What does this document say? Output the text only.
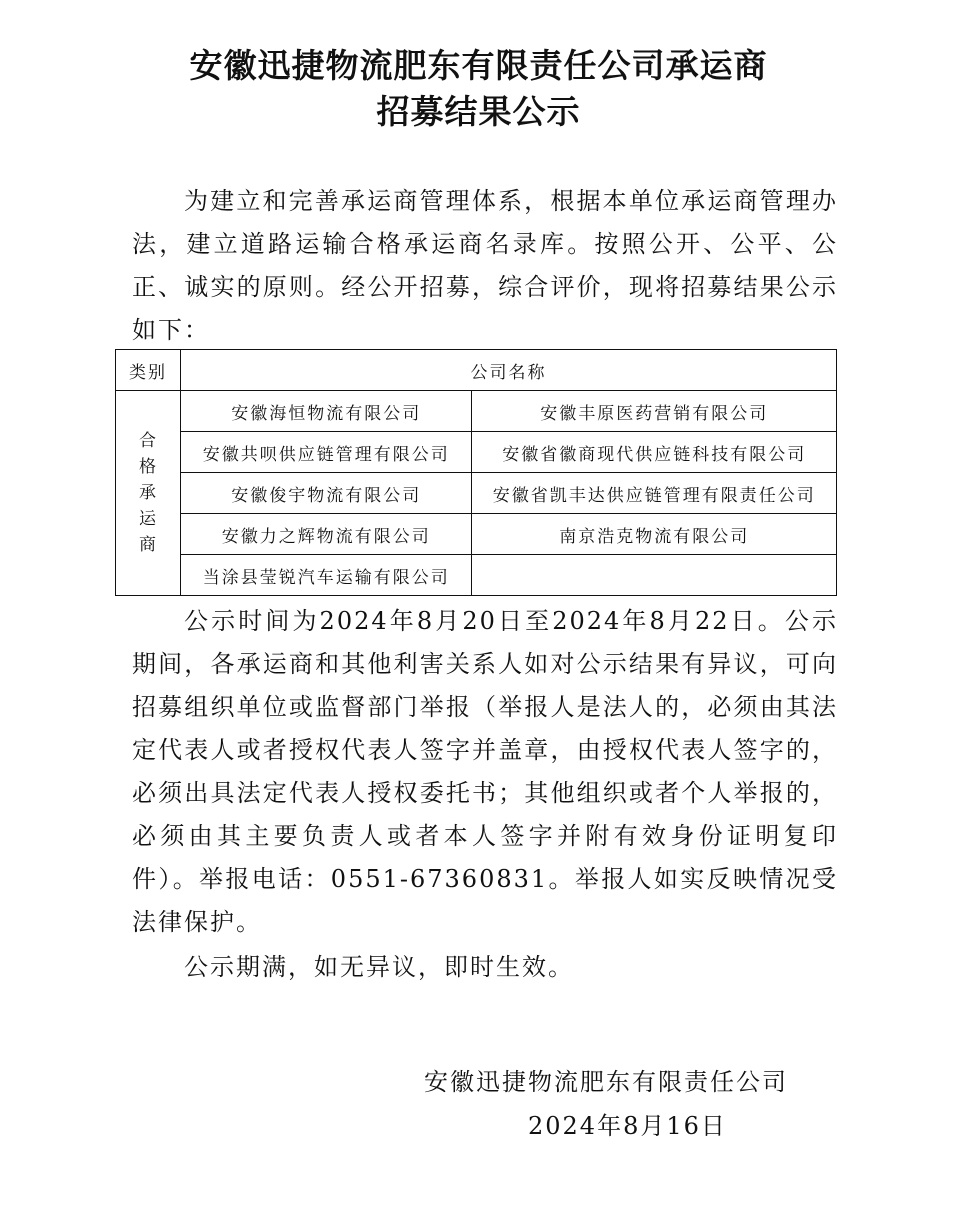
安徽迅捷物流肥东有限责任公司承运商
招募结果公示

为建立和完善承运商管理体系，根据本单位承运商管理办法，建立道路运输合格承运商名录库。按照公开、公平、公正、诚实的原则。经公开招募，综合评价，现将招募结果公示如下：

类别	公司名称	
合格承运商	安徽海恒物流有限公司	安徽丰原医药营销有限公司
	安徽共呗供应链管理有限公司	安徽省徽商现代供应链科技有限公司
	安徽俊宇物流有限公司	安徽省凯丰达供应链管理有限责任公司
	安徽力之辉物流有限公司	南京浩克物流有限公司
	当涂县莹锐汽车运输有限公司	

公示时间为2024年8月20日至2024年8月22日。公示期间，各承运商和其他利害关系人如对公示结果有异议，可向招募组织单位或监督部门举报（举报人是法人的，必须由其法定代表人或者授权代表人签字并盖章，由授权代表人签字的，必须出具法定代表人授权委托书；其他组织或者个人举报的，必须由其主要负责人或者本人签字并附有效身份证明复印件）。举报电话：0551-67360831。举报人如实反映情况受法律保护。

公示期满，如无异议，即时生效。

安徽迅捷物流肥东有限责任公司

2024年8月16日
